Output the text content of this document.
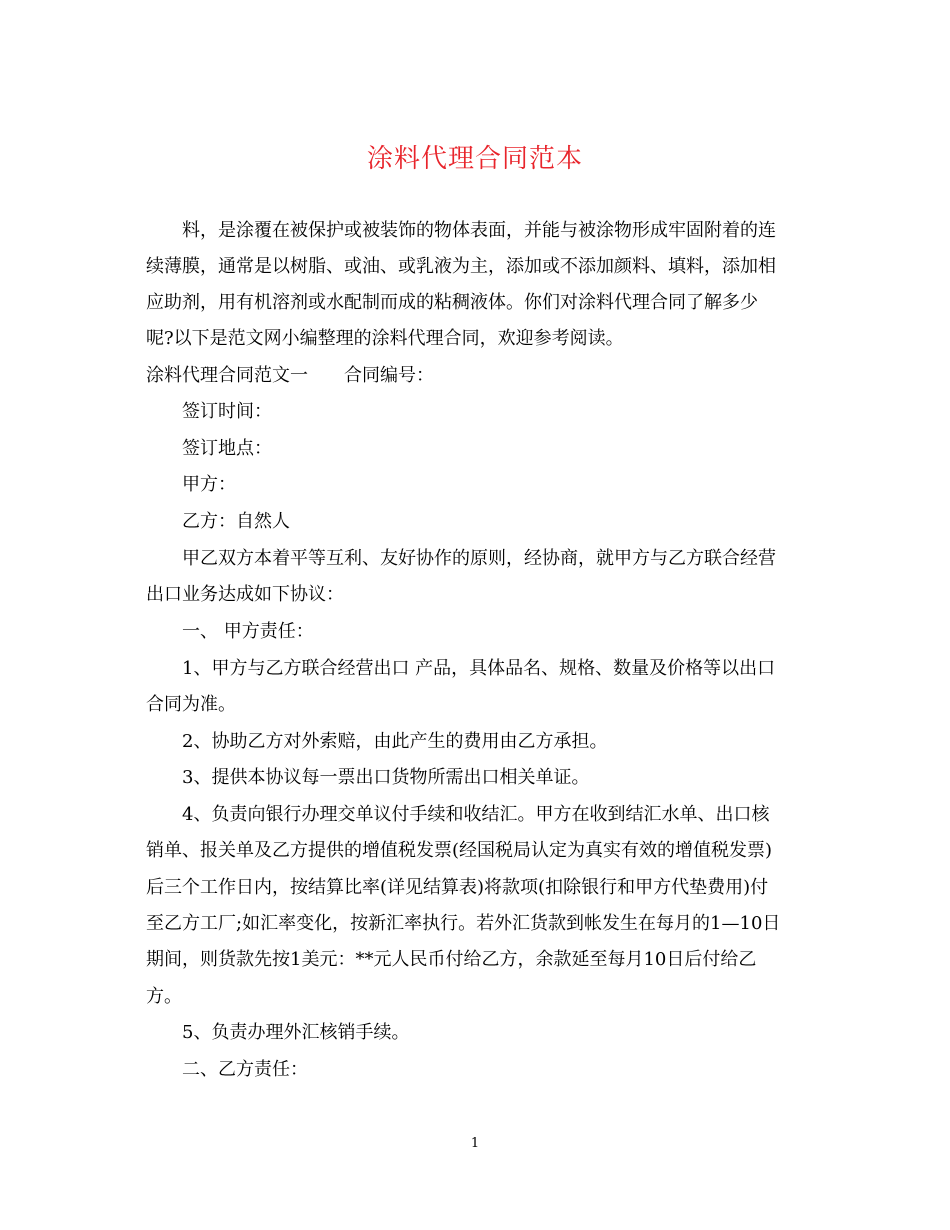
涂料代理合同范本

料，是涂覆在被保护或被装饰的物体表面，并能与被涂物形成牢固附着的连

续薄膜，通常是以树脂、或油、或乳液为主，添加或不添加颜料、填料，添加相

应助剂，用有机溶剂或水配制而成的粘稠液体。你们对涂料代理合同了解多少

呢?以下是范文网小编整理的涂料代理合同，欢迎参考阅读。

涂料代理合同范文一　　合同编号：

签订时间：

签订地点：

甲方：

乙方：自然人

甲乙双方本着平等互利、友好协作的原则，经协商，就甲方与乙方联合经营

出口业务达成如下协议：

一、 甲方责任：

1、甲方与乙方联合经营出口 产品，具体品名、规格、数量及价格等以出口

合同为准。

2、协助乙方对外索赔，由此产生的费用由乙方承担。

3、提供本协议每一票出口货物所需出口相关单证。

4、负责向银行办理交单议付手续和收结汇。甲方在收到结汇水单、出口核

销单、报关单及乙方提供的增值税发票(经国税局认定为真实有效的增值税发票)

后三个工作日内，按结算比率(详见结算表)将款项(扣除银行和甲方代垫费用)付

至乙方工厂;如汇率变化，按新汇率执行。若外汇货款到帐发生在每月的1—10日

期间，则货款先按1美元：**元人民币付给乙方，余款延至每月10日后付给乙

方。

5、负责办理外汇核销手续。

二、乙方责任：

1
